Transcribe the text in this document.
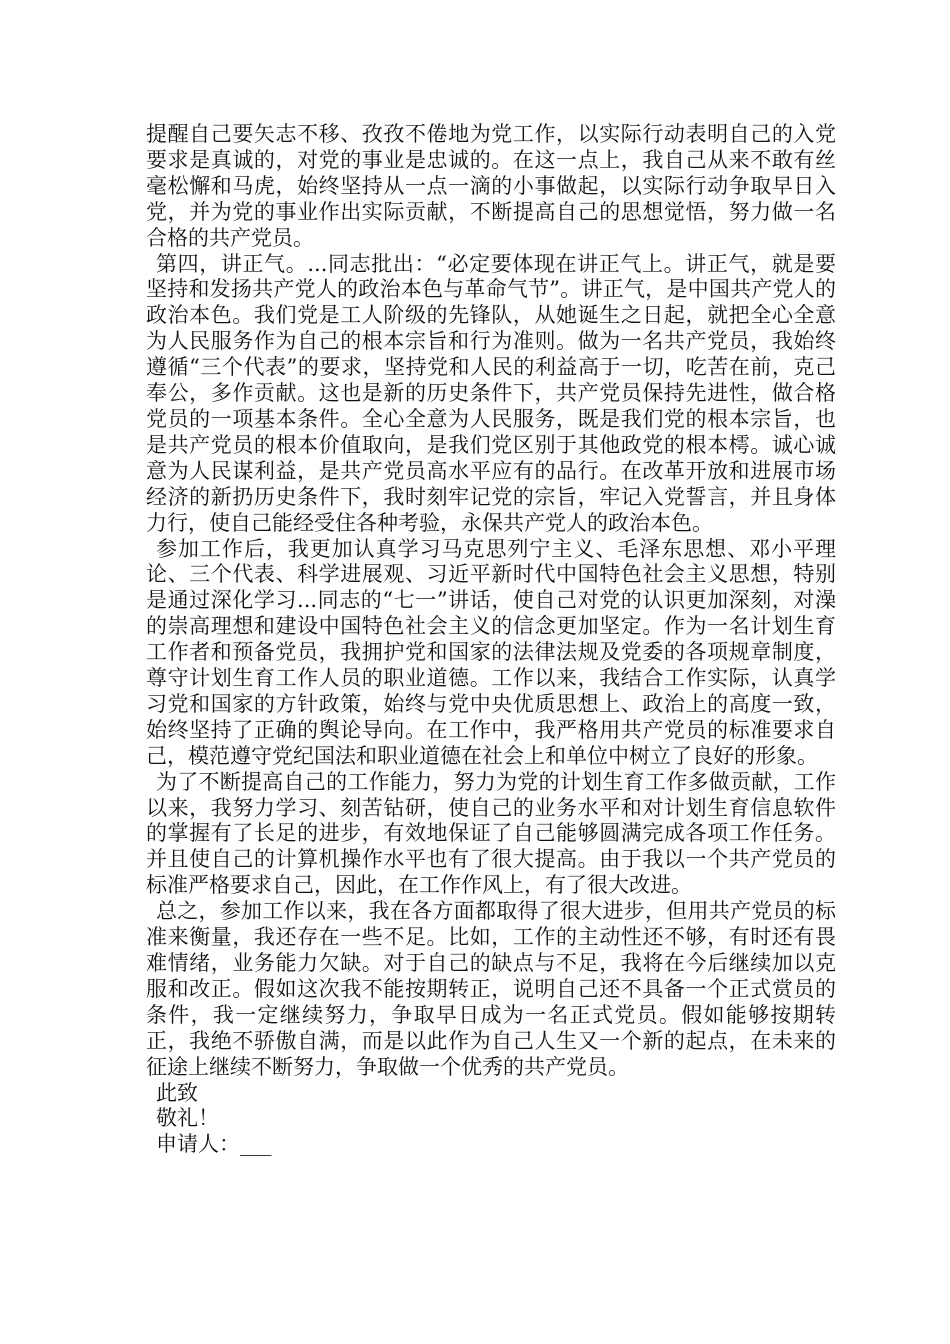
提醒自己要矢志不移、孜孜不倦地为党工作，以实际行动表明自己的入党要求是真诚的，对党的事业是忠诚的。在这一点上，我自己从来不敢有丝毫松懈和马虎，始终坚持从一点一滴的小事做起，以实际行动争取早日入党，并为党的事业作出实际贡献，不断提高自己的思想觉悟，努力做一名合格的共产党员。

第四，讲正气。...同志批出：“必定要体现在讲正气上。讲正气，就是要坚持和发扬共产党人的政治本色与革命气节”。讲正气，是中国共产党人的政治本色。我们党是工人阶级的先锋队，从她诞生之日起，就把全心全意为人民服务作为自己的根本宗旨和行为准则。做为一名共产党员，我始终遵循“三个代表”的要求，坚持党和人民的利益高于一切，吃苦在前，克己奉公，多作贡献。这也是新的历史条件下，共产党员保持先进性，做合格党员的一项基本条件。全心全意为人民服务，既是我们党的根本宗旨，也是共产党员的根本价值取向，是我们党区别于其他政党的根本樗。诚心诚意为人民谋利益，是共产党员高水平应有的品行。在改革开放和进展市场经济的新扔历史条件下，我时刻牢记党的宗旨，牢记入党誓言，并且身体力行，使自己能经受住各种考验，永保共产党人的政治本色。

参加工作后，我更加认真学习马克思列宁主义、毛泽东思想、邓小平理论、三个代表、科学进展观、习近平新时代中国特色社会主义思想，特别是通过深化学习...同志的“七一”讲话，使自己对党的认识更加深刻，对澡的崇高理想和建设中国特色社会主义的信念更加坚定。作为一名计划生育工作者和预备党员，我拥护党和国家的法律法规及党委的各项规章制度，尊守计划生育工作人员的职业道德。工作以来，我结合工作实际，认真学习党和国家的方针政策，始终与党中央优质思想上、政治上的高度一致，始终坚持了正确的舆论导向。在工作中，我严格用共产党员的标准要求自己，模范遵守党纪国法和职业道德在社会上和单位中树立了良好的形象。

为了不断提高自己的工作能力，努力为党的计划生育工作多做贡献，工作以来，我努力学习、刻苦钻研，使自己的业务水平和对计划生育信息软件的掌握有了长足的进步，有效地保证了自己能够圆满完成各项工作任务。并且使自己的计算机操作水平也有了很大提高。由于我以一个共产党员的标准严格要求自己，因此，在工作作风上，有了很大改进。

总之，参加工作以来，我在各方面都取得了很大进步，但用共产党员的标准来衡量，我还存在一些不足。比如，工作的主动性还不够，有时还有畏难情绪，业务能力欠缺。对于自己的缺点与不足，我将在今后继续加以克服和改正。假如这次我不能按期转正，说明自己还不具备一个正式赏员的条件，我一定继续努力，争取早日成为一名正式党员。假如能够按期转正，我绝不骄傲自满，而是以此作为自己人生又一个新的起点，在未来的征途上继续不断努力，争取做一个优秀的共产党员。

此致

敬礼！

申请人：___
